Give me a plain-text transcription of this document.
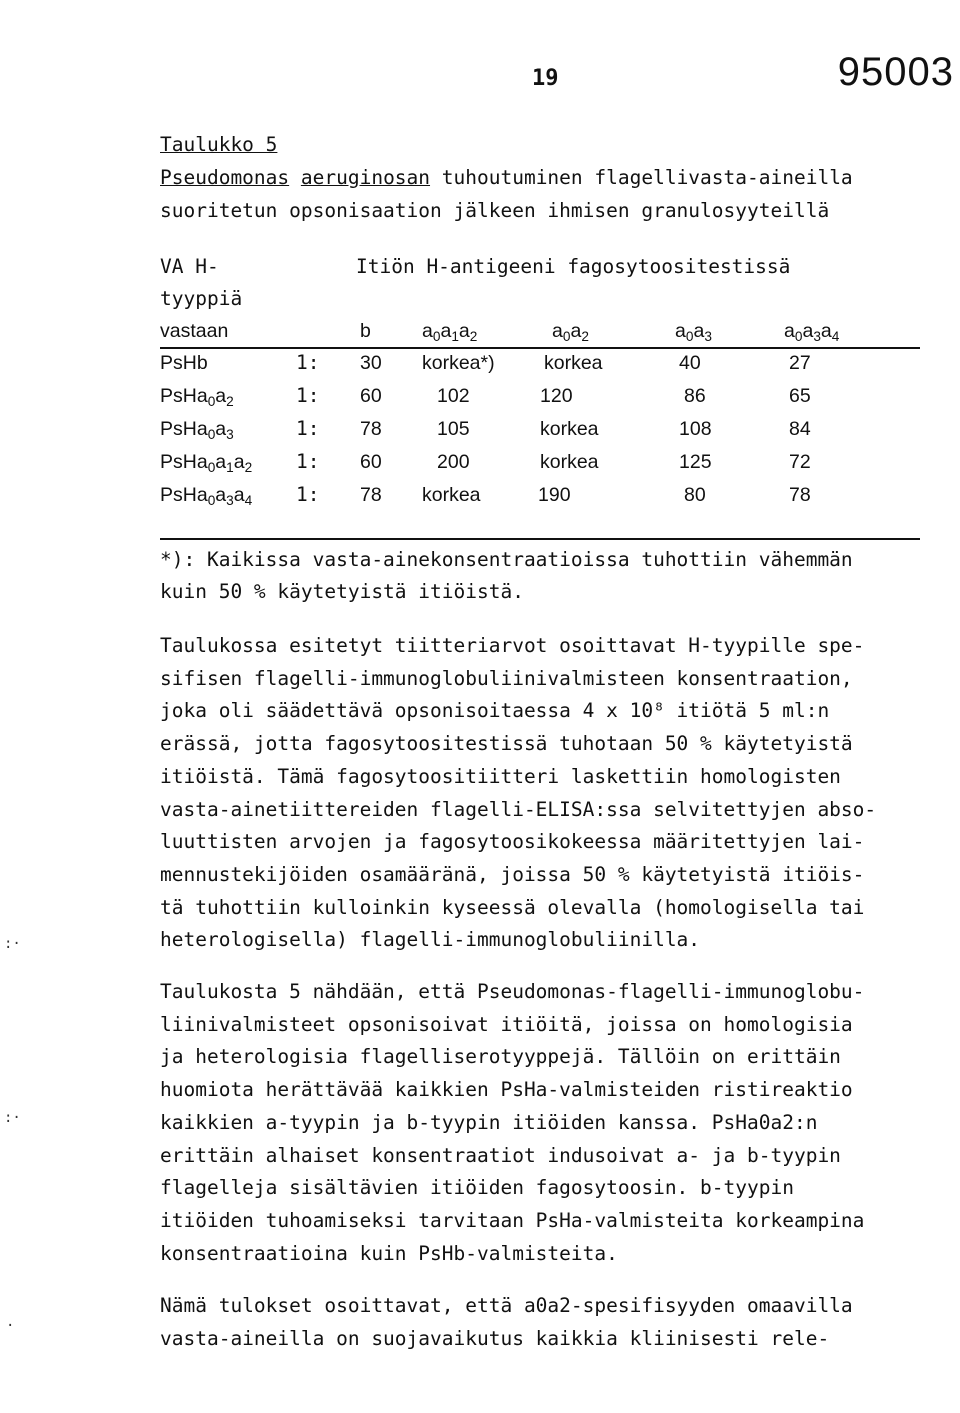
19	95003
Taulukko 5
Pseudomonas aeruginosan tuhoutuminen flagellivasta-aineilla
suoritetun opsonisaation jälkeen ihmisen granulosyyteillä
VA H-	Itiön H-antigeeni fagosytoositestissä
tyyppiä
vastaan	b	$a_0a_1a_2$	$a_0a_2$	$a_0a_3$	$a_0a_3a_4$
PsHb	1: 30 korkea*)	korkea	40	27
$PsHa_0a_2$	1: 60	102	120	86	65
$PsHa_0a_3$	1: 78	105	korkea	108	84
$PsHa_0a_1a_2$ 1: 60	200	korkea	125	72
$PsHa_0a_3a_4$ 1: 78 korkea	190	80	78
*): Kaikissa vasta-ainekonsentraatioissa tuhottiin vähemmän
kuin 50 % käytetyistä itiöistä.
Taulukossa esitetyt tiitteriarvot osoittavat H-tyypille spe-
sifisen flagelli-immunoglobuliinivalmisteen konsentraation,
joka oli säädettävä opsonisoitaessa 4 x 10⁸ itiötä 5 ml:n
erässä, jotta fagosytoositestissä tuhotaan 50 % käytetyistä
itiöistä. Tämä fagosytoositiitteri laskettiin homologisten
vasta-ainetiittereiden flagelli-ELISA:ssa selvitettyjen abso-
luuttisten arvojen ja fagosytoosikokeessa määritettyjen lai-
mennustekijöiden osamääränä, joissa 50 % käytetyistä itiöis-
tä tuhottiin kulloinkin kyseessä olevalla (homologisella tai
heterologisella) flagelli-immunoglobuliinilla.
Taulukosta 5 nähdään, että Pseudomonas-flagelli-immunoglobu-
liinivalmisteet opsonisoivat itiöitä, joissa on homologisia
ja heterologisia flagelliserotyyppejä. Tällöin on erittäin
huomiota herättävää kaikkien PsHa-valmisteiden ristireaktio
kaikkien a-tyypin ja b-tyypin itiöiden kanssa. PsHa0a2:n
erittäin alhaiset konsentraatiot indusoivat a- ja b-tyypin
flagelleja sisältävien itiöiden fagosytoosin. b-tyypin
itiöiden tuhoamiseksi tarvitaan PsHa-valmisteita korkeampina
konsentraatioina kuin PsHb-valmisteita.
Nämä tulokset osoittavat, että a0a2-spesifisyyden omaavilla
vasta-aineilla on suojavaikutus kaikkia kliinisesti rele-
:·
:·
·
